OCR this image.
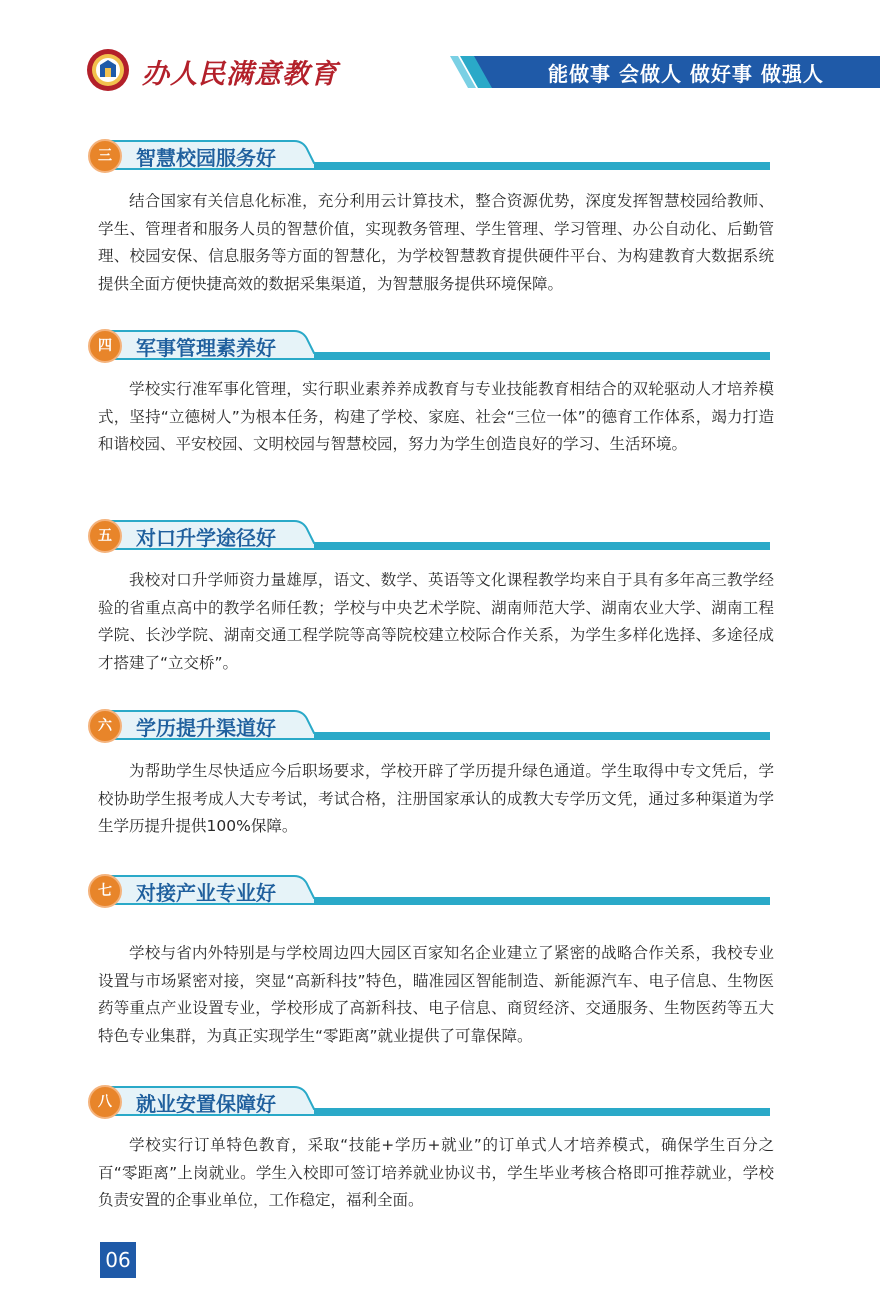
办人民满意教育	能做事 会做人 做好事 做强人
三	智慧校园服务好

结合国家有关信息化标准，充分利用云计算技术，整合资源优势，深度发挥智慧校园给教师、学生、管理者和服务人员的智慧价值，实现教务管理、学生管理、学习管理、办公自动化、后勤管理、校园安保、信息服务等方面的智慧化，为学校智慧教育提供硬件平台、为构建教育大数据系统提供全面方便快捷高效的数据采集渠道，为智慧服务提供环境保障。

四	军事管理素养好

学校实行准军事化管理，实行职业素养养成教育与专业技能教育相结合的双轮驱动人才培养模式，坚持“立德树人”为根本任务，构建了学校、家庭、社会“三位一体”的德育工作体系，竭力打造和谐校园、平安校园、文明校园与智慧校园，努力为学生创造良好的学习、生活环境。

五	对口升学途径好

我校对口升学师资力量雄厚，语文、数学、英语等文化课程教学均来自于具有多年高三教学经验的省重点高中的教学名师任教；学校与中央艺术学院、湖南师范大学、湖南农业大学、湖南工程学院、长沙学院、湖南交通工程学院等高等院校建立校际合作关系，为学生多样化选择、多途径成才搭建了“立交桥”。

六	学历提升渠道好

为帮助学生尽快适应今后职场要求，学校开辟了学历提升绿色通道。学生取得中专文凭后，学校协助学生报考成人大专考试，考试合格，注册国家承认的成教大专学历文凭，通过多种渠道为学生学历提升提供100%保障。

七	对接产业专业好

学校与省内外特别是与学校周边四大园区百家知名企业建立了紧密的战略合作关系，我校专业设置与市场紧密对接，突显“高新科技”特色，瞄准园区智能制造、新能源汽车、电子信息、生物医药等重点产业设置专业，学校形成了高新科技、电子信息、商贸经济、交通服务、生物医药等五大特色专业集群，为真正实现学生“零距离”就业提供了可靠保障。

八	就业安置保障好

学校实行订单特色教育，采取“技能+学历+就业”的订单式人才培养模式，确保学生百分之百“零距离”上岗就业。学生入校即可签订培养就业协议书，学生毕业考核合格即可推荐就业，学校负责安置的企事业单位，工作稳定，福利全面。

06
